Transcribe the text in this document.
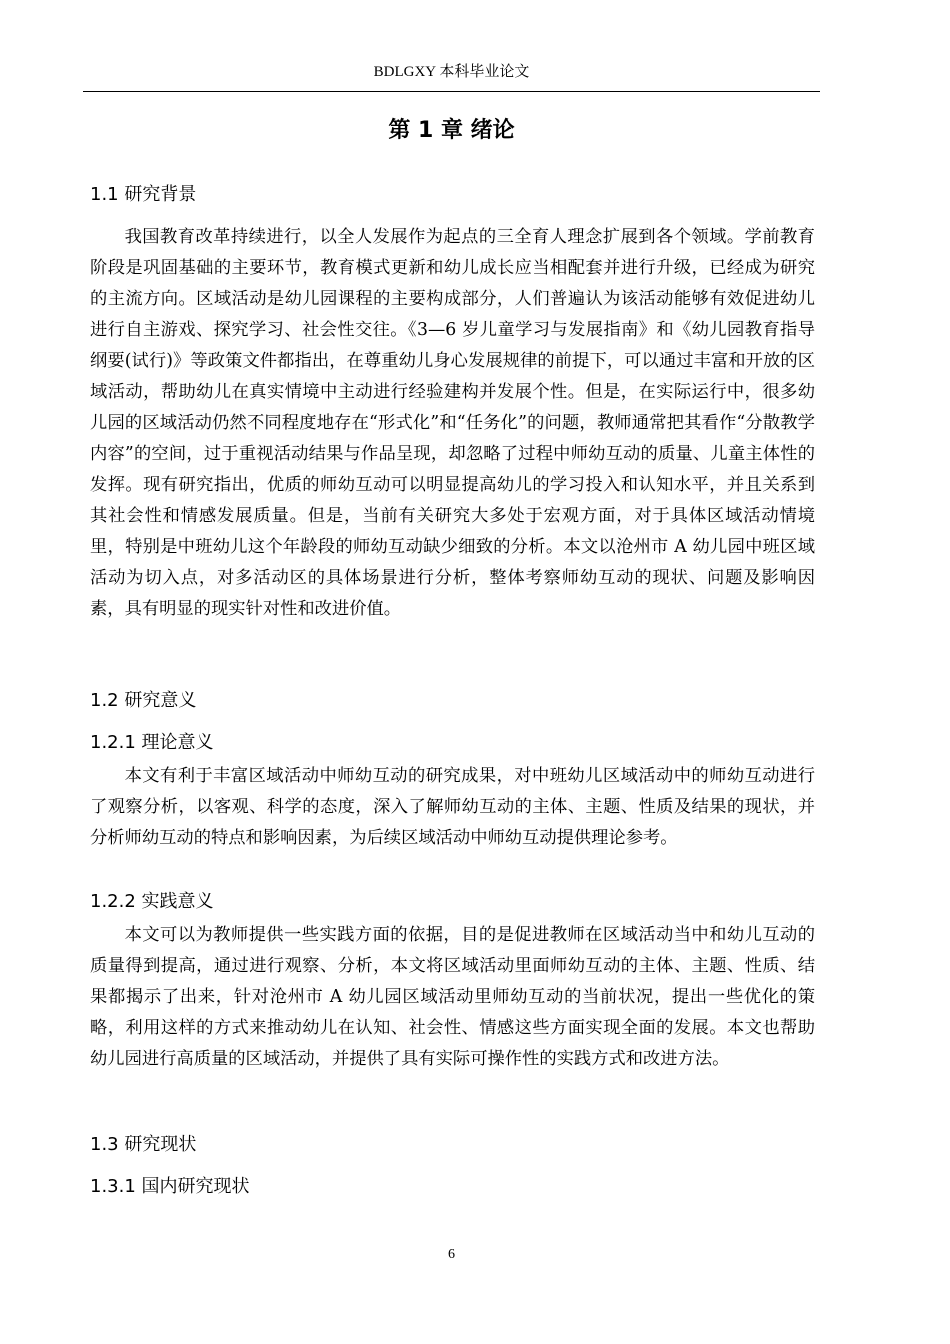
BDLGXY 本科毕业论文
第 1 章 绪论
1.1 研究背景

我国教育改革持续进行，以全人发展作为起点的三全育人理念扩展到各个领域。学前教育阶段是巩固基础的主要环节，教育模式更新和幼儿成长应当相配套并进行升级，已经成为研究的主流方向。区域活动是幼儿园课程的主要构成部分，人们普遍认为该活动能够有效促进幼儿进行自主游戏、探究学习、社会性交往。《3—6 岁儿童学习与发展指南》和《幼儿园教育指导纲要(试行)》等政策文件都指出，在尊重幼儿身心发展规律的前提下，可以通过丰富和开放的区域活动，帮助幼儿在真实情境中主动进行经验建构并发展个性。但是，在实际运行中，很多幼儿园的区域活动仍然不同程度地存在“形式化”和“任务化”的问题，教师通常把其看作“分散教学内容”的空间，过于重视活动结果与作品呈现，却忽略了过程中师幼互动的质量、儿童主体性的发挥。现有研究指出，优质的师幼互动可以明显提高幼儿的学习投入和认知水平，并且关系到其社会性和情感发展质量。但是，当前有关研究大多处于宏观方面，对于具体区域活动情境里，特别是中班幼儿这个年龄段的师幼互动缺少细致的分析。本文以沧州市 A 幼儿园中班区域活动为切入点，对多活动区的具体场景进行分析，整体考察师幼互动的现状、问题及影响因素，具有明显的现实针对性和改进价值。

1.2 研究意义
1.2.1 理论意义

本文有利于丰富区域活动中师幼互动的研究成果，对中班幼儿区域活动中的师幼互动进行了观察分析，以客观、科学的态度，深入了解师幼互动的主体、主题、性质及结果的现状，并分析师幼互动的特点和影响因素，为后续区域活动中师幼互动提供理论参考。

1.2.2 实践意义

本文可以为教师提供一些实践方面的依据，目的是促进教师在区域活动当中和幼儿互动的质量得到提高，通过进行观察、分析，本文将区域活动里面师幼互动的主体、主题、性质、结果都揭示了出来，针对沧州市 A 幼儿园区域活动里师幼互动的当前状况，提出一些优化的策略，利用这样的方式来推动幼儿在认知、社会性、情感这些方面实现全面的发展。本文也帮助幼儿园进行高质量的区域活动，并提供了具有实际可操作性的实践方式和改进方法。

1.3 研究现状
1.3.1 国内研究现状
6
